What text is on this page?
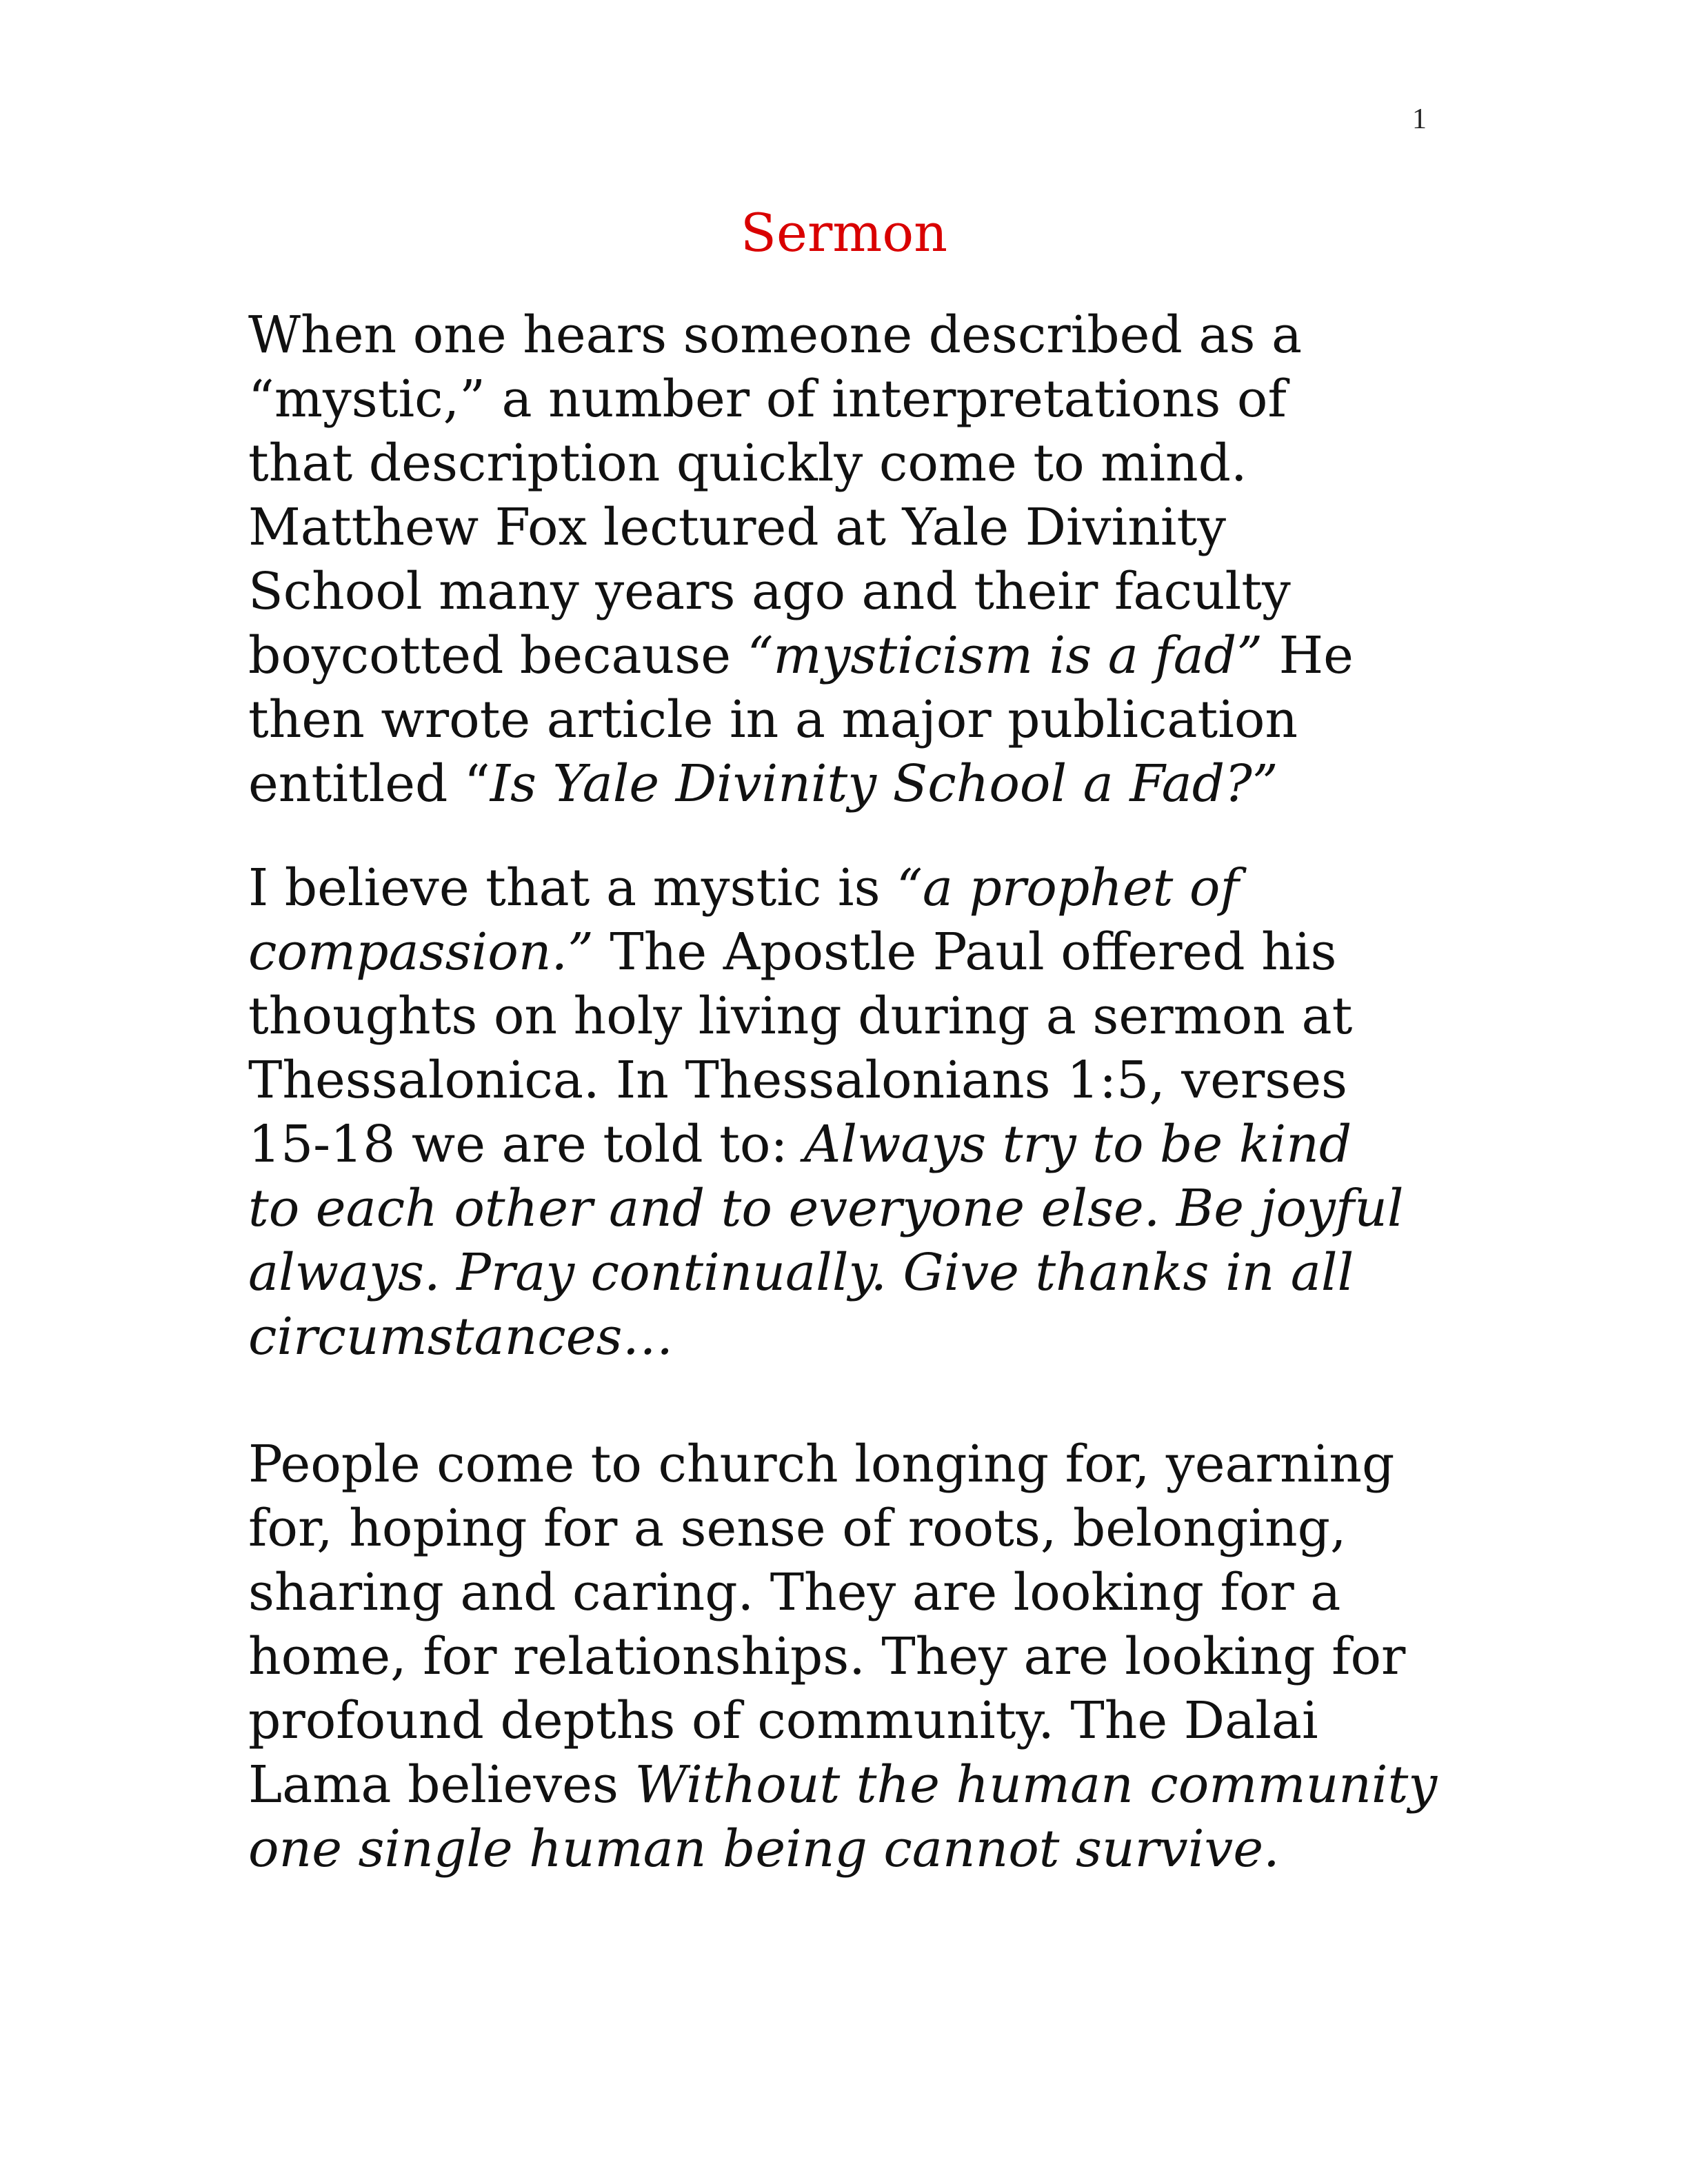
1
Sermon
When one hears someone described as a
“mystic,” a number of interpretations of
that description quickly come to mind.
Matthew Fox lectured at Yale Divinity
School many years ago and their faculty
boycotted because “mysticism is a fad” He
then wrote article in a major publication
entitled “Is Yale Divinity School a Fad?”
I believe that a mystic is “a prophet of
compassion.” The Apostle Paul offered his
thoughts on holy living during a sermon at
Thessalonica. In Thessalonians 1:5, verses
15-18 we are told to: Always try to be kind
to each other and to everyone else. Be joyful
always. Pray continually. Give thanks in all
circumstances…
People come to church longing for, yearning
for, hoping for a sense of roots, belonging,
sharing and caring. They are looking for a
home, for relationships. They are looking for
profound depths of community. The Dalai
Lama believes Without the human community
one single human being cannot survive.
